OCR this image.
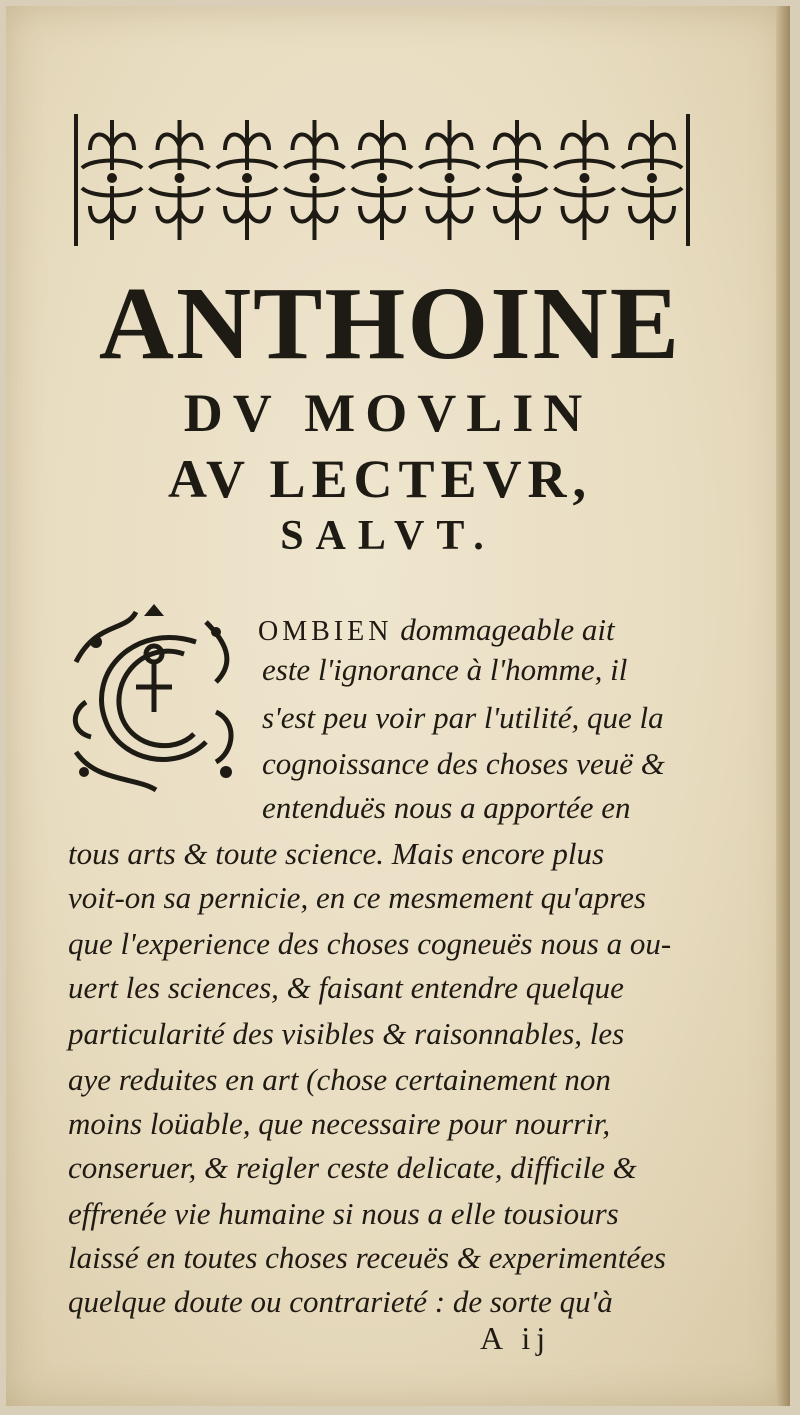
ANTHOINE
DV MOVLIN
AV LECTEVR,
SALVT.
OMBIEN dommageable ait
este l'ignorance à l'homme, il
s'est peu voir par l'utilité, que la
cognoissance des choses veuë &
entenduës nous a apportée en
tous arts & toute science. Mais encore plus
voit-on sa pernicie, en ce mesmement qu'apres
que l'experience des choses cogneuës nous a ou-
uert les sciences, & faisant entendre quelque
particularité des visibles & raisonnables, les
aye reduites en art (chose certainement non
moins loüable, que necessaire pour nourrir,
conseruer, & reigler ceste delicate, difficile &
effrenée vie humaine si nous a elle tousiours
laissé en toutes choses receuës & experimentées
quelque doute ou contrarieté : de sorte qu'à
A ij
